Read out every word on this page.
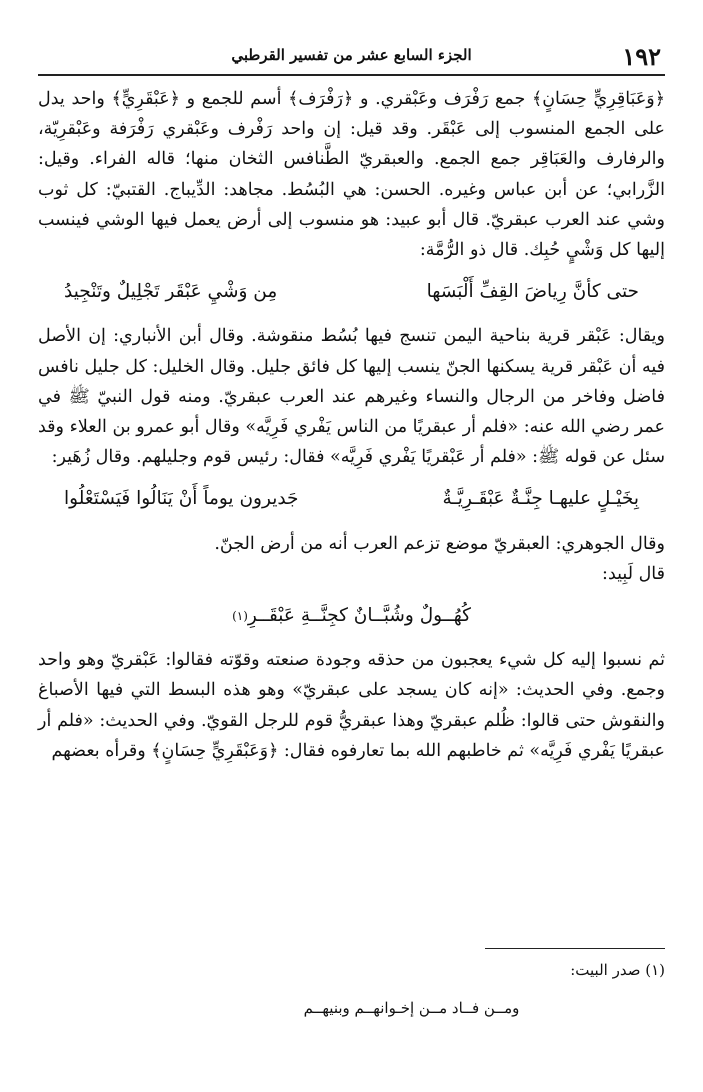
١٩٢
الجزء السابع عشر من تفسير القرطبي

﴿وَعَبَاقِرِيٍّ حِسَانٍ﴾ جمع رَفْرَف وعَبْقري. و ﴿رَفْرَف﴾ أسم للجمع و ﴿عَبْقَرِيٍّ﴾ واحد يدل على الجمع المنسوب إلى عَبْقَر. وقد قيل: إن واحد رَفْرف وعَبْقري رَفْرَفة وعَبْقرِيّة، والرفارف والعَبَاقِر جمع الجمع. والعبقريّ الطَّنافس الثخان منها؛ قاله الفراء. وقيل: الزَّرابي؛ عن أبن عباس وغيره. الحسن: هي البُسُط. مجاهد: الدِّيباج. القتبيّ: كل ثوب وشي عند العرب عبقريّ. قال أبو عبيد: هو منسوب إلى أرض يعمل فيها الوشي فينسب إليها كل وَشْيٍ حُبِك. قال ذو الرُّمَّة:

حتى كأنَّ رِياضَ القِفِّ أَلْبَسَها
مِن وَشْيِ عَبْقَر تَجْلِيلٌ وتَنْجِيدُ

ويقال: عَبْقر قرية بناحية اليمن تنسج فيها بُسُط منقوشة. وقال أبن الأنباري: إن الأصل فيه أن عَبْقر قرية يسكنها الجنّ ينسب إليها كل فائق جليل. وقال الخليل: كل جليل نافس فاضل وفاخر من الرجال والنساء وغيرهم عند العرب عبقريّ. ومنه قول النبيّ ﷺ في عمر رضي الله عنه: «فلم أر عبقريًا من الناس يَفْري فَرِيَّه» وقال أبو عمرو بن العلاء وقد سئل عن قوله ﷺ: «فلم أر عَبْقريًا يَفْري فَرِيَّه» فقال: رئيس قوم وجليلهم. وقال زُهَير:

بِخَيْـلٍ عليهـا جِنَّـةٌ عَبْقَـرِيَّـةٌ
جَديرون يوماً أَنْ يَنَالُوا فَيَسْتَعْلُوا

وقال الجوهري: العبقريّ موضع تزعم العرب أنه من أرض الجنّ.

قال لَبِيد:

كُهُــولٌ وشُبَّــانٌ كجِنَّــةِ عَبْقَــرِ
(١)

ثم نسبوا إليه كل شيء يعجبون من حذقه وجودة صنعته وقوّته فقالوا: عَبْقريّ وهو واحد وجمع. وفي الحديث: «إنه كان يسجد على عبقريّ» وهو هذه البسط التي فيها الأصباغ والنقوش حتى قالوا: ظُلم عبقريّ وهذا عبقريُّ قوم للرجل القويّ. وفي الحديث: «فلم أر عبقريًا يَفْري فَرِيَّه» ثم خاطبهم الله بما تعارفوه فقال: ﴿وَعَبْقَرِيٍّ حِسَانٍ﴾ وقرأه بعضهم

(١) صدر البيت:
ومــن فــاد مــن إخـوانهــم وبنيهــم
